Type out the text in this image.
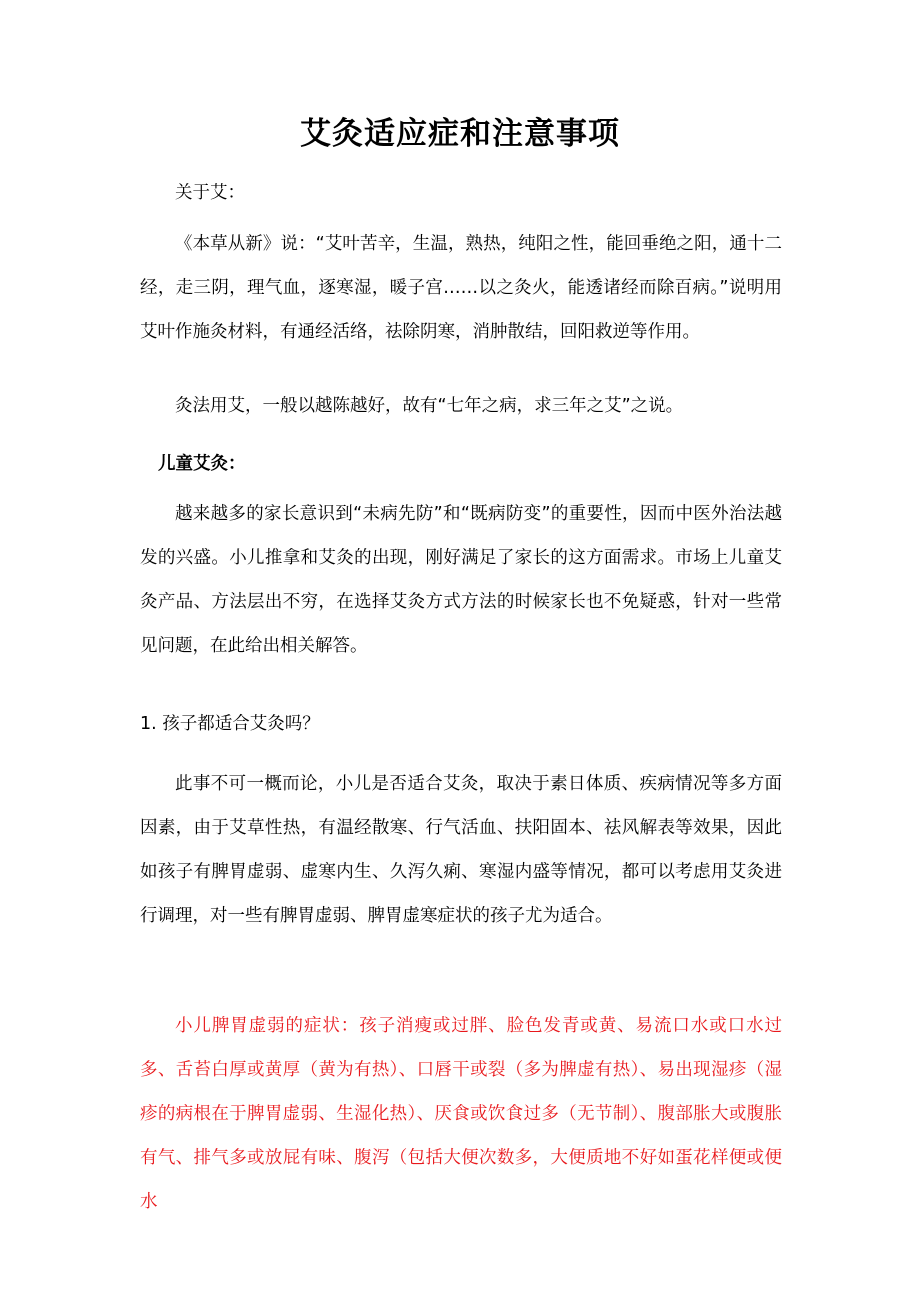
艾灸适应症和注意事项

关于艾：

《本草从新》说：“艾叶苦辛，生温，熟热，纯阳之性，能回垂绝之阳，通十二经，走三阴，理气血，逐寒湿，暖子宫……以之灸火，能透诸经而除百病。”说明用艾叶作施灸材料，有通经活络，祛除阴寒，消肿散结，回阳救逆等作用。

灸法用艾，一般以越陈越好，故有“七年之病，求三年之艾”之说。

儿童艾灸：

越来越多的家长意识到“未病先防”和“既病防变”的重要性，因而中医外治法越发的兴盛。小儿推拿和艾灸的出现，刚好满足了家长的这方面需求。市场上儿童艾灸产品、方法层出不穷，在选择艾灸方式方法的时候家长也不免疑惑，针对一些常见问题，在此给出相关解答。

1. 孩子都适合艾灸吗？

此事不可一概而论，小儿是否适合艾灸，取决于素日体质、疾病情况等多方面因素，由于艾草性热，有温经散寒、行气活血、扶阳固本、祛风解表等效果，因此如孩子有脾胃虚弱、虚寒内生、久泻久痢、寒湿内盛等情况，都可以考虑用艾灸进行调理，对一些有脾胃虚弱、脾胃虚寒症状的孩子尤为适合。

小儿脾胃虚弱的症状：孩子消瘦或过胖、脸色发青或黄、易流口水或口水过多、舌苔白厚或黄厚（黄为有热）、口唇干或裂（多为脾虚有热）、易出现湿疹（湿疹的病根在于脾胃虚弱、生湿化热）、厌食或饮食过多（无节制）、腹部胀大或腹胀有气、排气多或放屁有味、腹泻（包括大便次数多，大便质地不好如蛋花样便或便水
